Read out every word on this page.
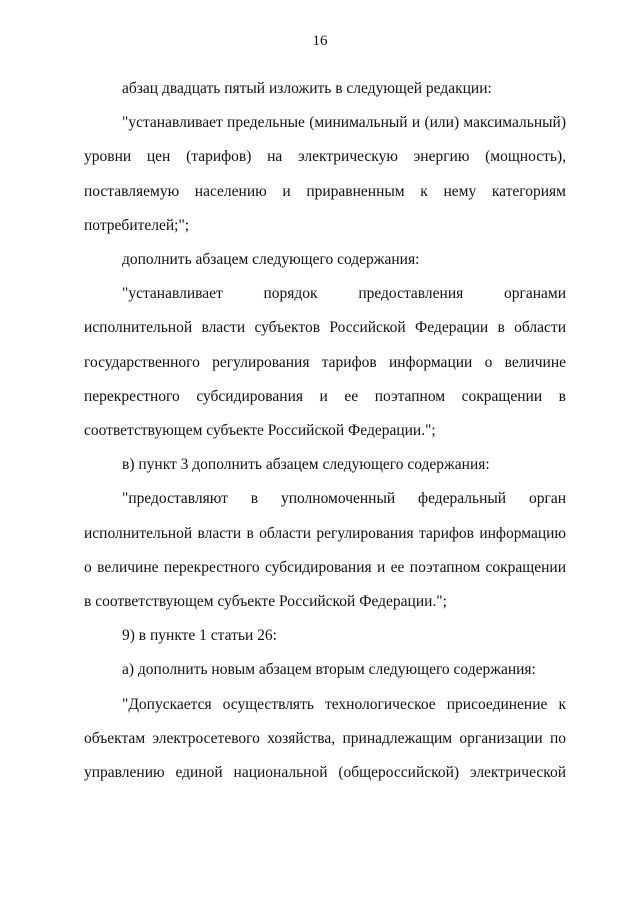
16

абзац двадцать пятый изложить в следующей редакции:

"устанавливает предельные (минимальный и (или) максимальный) уровни цен (тарифов) на электрическую энергию (мощность), поставляемую населению и приравненным к нему категориям потребителей;";

дополнить абзацем следующего содержания:

"устанавливает порядок предоставления органами исполнительной власти субъектов Российской Федерации в области государственного регулирования тарифов информации о величине перекрестного субсидирования и ее поэтапном сокращении в соответствующем субъекте Российской Федерации.";

в) пункт 3 дополнить абзацем следующего содержания:

"предоставляют в уполномоченный федеральный орган исполнительной власти в области регулирования тарифов информацию о величине перекрестного субсидирования и ее поэтапном сокращении в соответствующем субъекте Российской Федерации.";

9) в пункте 1 статьи 26:

а) дополнить новым абзацем вторым следующего содержания:

"Допускается осуществлять технологическое присоединение к объектам электросетевого хозяйства, принадлежащим организации по управлению единой национальной (общероссийской) электрической
